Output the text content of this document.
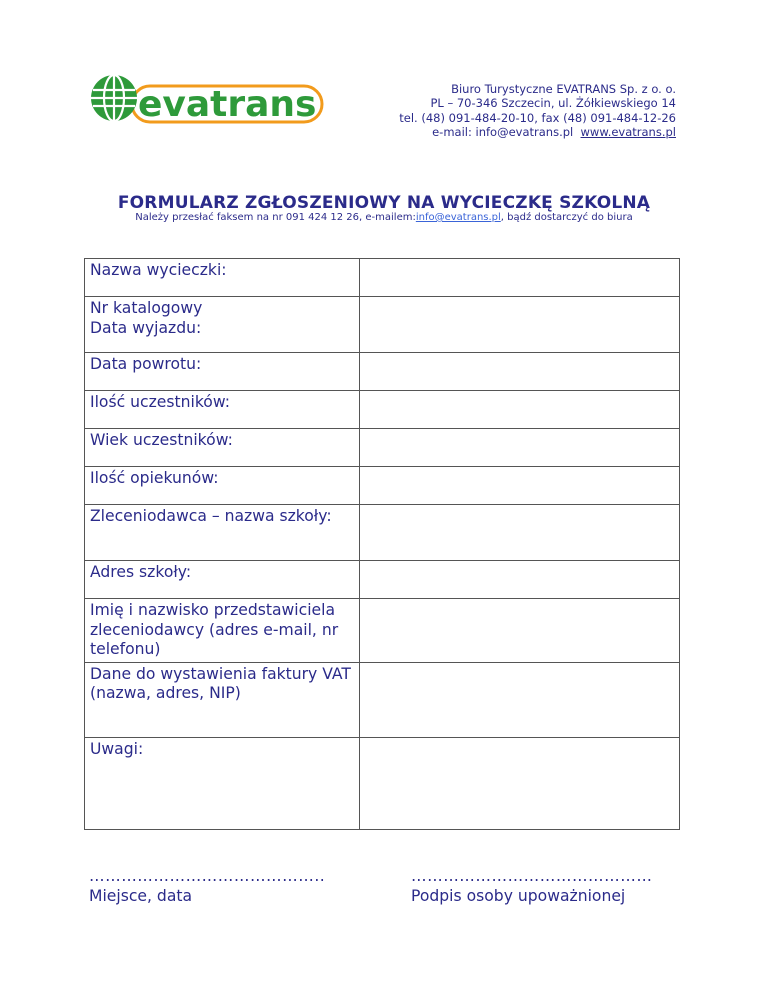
evatrans	Biuro Turystyczne EVATRANS Sp. z o. o.
PL – 70-346 Szczecin, ul. Żółkiewskiego 14
tel. (48) 091-484-20-10, fax (48) 091-484-12-26
e-mail: info@evatrans.pl www.evatrans.pl
FORMULARZ ZGŁOSZENIOWY NA WYCIECZKĘ SZKOLNĄ
Należy przesłać faksem na nr 091 424 12 26, e-mailem:info@evatrans.pl, bądź dostarczyć do biura
Nazwa wycieczki:	
Nr katalogowy
Data wyjazdu:	
Data powrotu:	
Ilość uczestników:	
Wiek uczestników:	
Ilość opiekunów:	
Zleceniodawca – nazwa szkoły:	
Adres szkoły:	
Imię i nazwisko przedstawiciela zleceniodawcy (adres e-mail, nr telefonu)	
Dane do wystawienia faktury VAT (nazwa, adres, NIP)	
Uwagi:	
……………………………………..
Miejsce, data
………………………………………
Podpis osoby upoważnionej
